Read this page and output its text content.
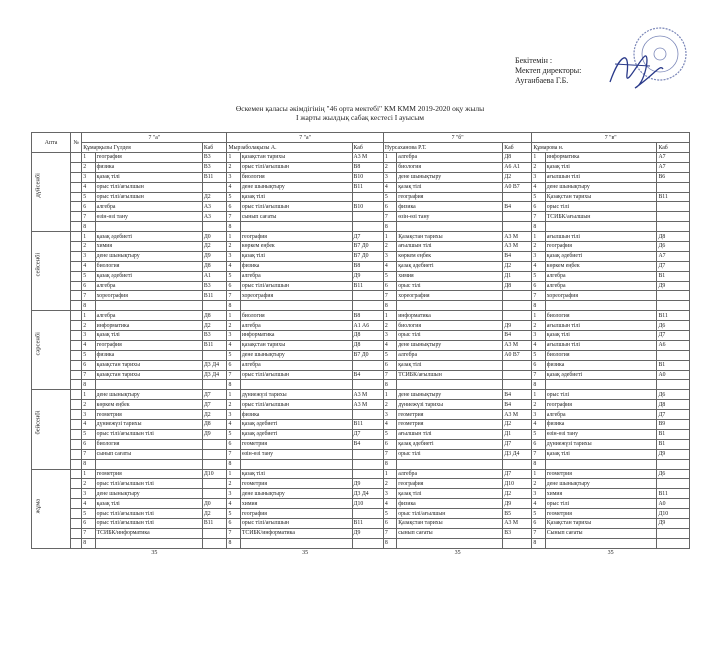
Бекітемін :
Мектеп директоры:
Ауганбаева Г.Б.
Өскемен қаласы әкімдігінің "46 орта мектебі" КМ КММ 2019-2020 оқу жылы
І жарты жылдық сабақ кестесі І ауысым
Апта	№	7 "а"			7 "а"			7 "б"			7 "в"		
		Құмарқызы Гүлдея		Каб	Мырзаболақызы А.		Каб	Нурсаханова Р.Т.		Каб	Құмарова н.		Каб

дүйсенбі		1	география	В3	1	қазақстан тарихы	А3 М	1	алгебра	Д8	1	информатика	А7
		2	физика	В3	2	орыс тілі/ағылшын	В8	2	биология	А6 А1	2	қазақ тілі	А7
		3	қазақ тілі	В11	3	биология	В10	3	дене шынықтыру	Д2	3	ағылшын тілі	В6
		4	орыс тілі/ағылшын		4	дене шынықтыру	В11	4	қазақ тілі	А0 В7	4	дене шынықтыру	
		5	орыс тілі/ағылшын	Д2	5	қазақ тілі		5	география		5	Қазақстан тарихы	В11
		6	алгебра	А3	6	орыс тілі/ағылшын	В10	6	физика	В4	6	орыс тілі	
		7	өзін-өзі тану	А3	7	сынып сағаты		7	өзін-өзі тану		7	ТСИБК/ағылшын	
		8			8			8			8		

сейсенбі		1	қазақ әдебиеті	Д0	1	география	Д7	1	Қазақстан тарихы	А3 М	1	ағылшын тілі	Д8
		2	химия	Д2	2	көркем еңбек	В7 Д0	2	ағылшын тілі	А3 М	2	география	Д6
		3	дене шынықтыру	Д9	3	қазақ тілі	В7 Д0	3	көркем еңбек	В4	3	қазақ әдебиеті	А7
		4	биология	Д8	4	физика	В8	4	қазақ әдебиеті	Д2	4	көркем еңбек	Д7
		5	қазақ әдебиеті	А1	5	алгебра	Д9	5	химия	Д1	5	алгебра	В1
		6	алгебра	В3	6	орыс тілі/ағылшын	В11	6	орыс тілі	Д8	6	алгебра	Д9
		7	хореография	В11	7	хореография		7	хореография		7	хореография	
		8			8			8			8		

сәрсенбі		1	алгебра	Д8	1	биология	В8	1	информатика		1	биология	В11
		2	информатика	Д2	2	алгебра	А1 А6	2	биология	Д9	2	ағылшын тілі	Д6
		3	қазақ тілі	В3	3	информатика	Д8	3	орыс тілі	В4	3	қазақ тілі	Д7
		4	география	В11	4	қазақстан тарихы	Д8	4	дене шынықтыру	А3 М	4	ағылшын тілі	А6
		5	физика		5	дене шынықтыру	В7 Д0	5	алгебра	А0 В7	5	биология	
		6	қазақстан тарихы	Д3 Д4	6	алгебра		6	қазақ тілі		6	физика	В1
		7	қазақстан тарихы	Д3 Д4	7	орыс тілі/ағылшын	В4	7	ТСИБК/ағылшын		7	қазақ әдебиеті	А0
		8			8			8			8		

бейсенбі		1	дене шынықтыру	Д7	1	дүниежүзі тарихы	А3 М	1	дене шынықтыру	В4	1	орыс тілі	Д6
		2	көркем еңбек	Д7	2	орыс тілі/ағылшын	А3 М	2	дүниежүзі тарихы	В4	2	география	Д8
		3	геометрия	Д2	3	физика		3	геометрия	А3 М	3	алгебра	Д7
		4	дүниежүзі тарихы	Д8	4	қазақ әдебиеті	В11	4	геометрия	Д2	4	физика	В9
		5	орыс тілі/ағылшын тілі	Д9	5	қазақ әдебиеті	Д7	5	ағылшын тілі	Д1	5	өзін-өзі тану	В1
		6	биология		6	геометрия	В4	6	қазақ әдебиеті	Д7	6	дүниежүзі тарихы	В1
		7	сынып сағаты		7	өзін-өзі тану		7	орыс тілі	Д3 Д4	7	қазақ тілі	Д9
		8			8			8			8		

жұма		1	геометрия	Д10	1	қазақ тілі		1	алгебра	Д7	1	геометрия	Д6
		2	орыс тілі/ағылшын тілі		2	геометрия	Д9	2	география	Д10	2	дене шынықтыру	
		3	дене шынықтыру		3	дене шынықтыру	Д3 Д4	3	қазақ тілі	Д2	3	химия	В11
		4	қазақ тілі	Д0	4	химия	Д10	4	физика	Д9	4	орыс тілі	А0
		5	орыс тілі/ағылшын тілі	Д2	5	география		5	орыс тілі/ағылшын	В5	5	геометрия	Д10
		6	орыс тілі/ағылшын тілі	В11	6	орыс тілі/ағылшын	В11	6	Қазақстан тарихы	А3 М	6	Қазақстан тарихы	Д9
		7	ТСИБК/информатика		7	ТСИБК/информатика	Д9	7	сынып сағаты	В3	7	Сынып сағаты	
		8			8			8			8		
		35			35			35			35		
